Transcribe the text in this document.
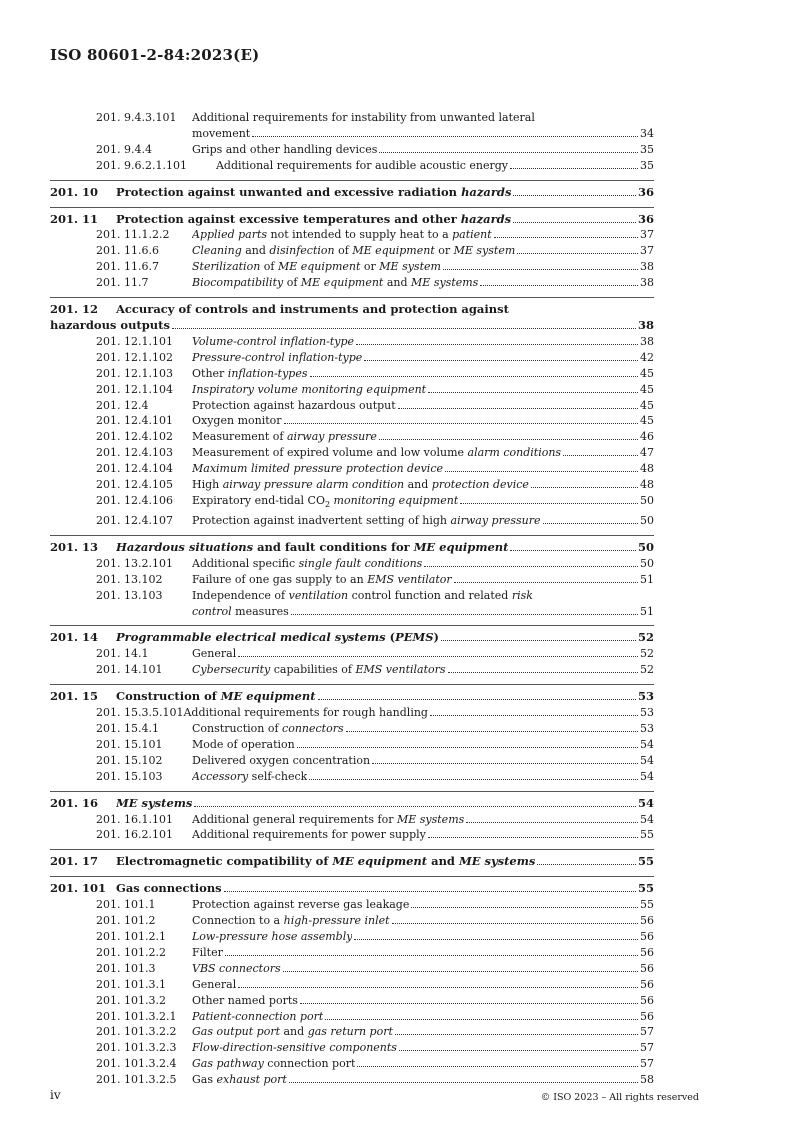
ISO 80601-2-84:2023(E)
201. 9.4.3.101	Additional requirements for instability from unwanted lateral
movement	34
201. 9.4.4	Grips and other handling devices	35
201. 9.6.2.1.101	Additional requirements for audible acoustic energy	35
201. 10	Protection against unwanted and excessive radiation hazards	36
201. 11	Protection against excessive temperatures and other hazards	36
201. 11.1.2.2	Applied parts not intended to supply heat to a patient	37
201. 11.6.6	Cleaning and disinfection of ME equipment or ME system	37
201. 11.6.7	Sterilization of ME equipment or ME system	38
201. 11.7	Biocompatibility of ME equipment and ME systems	38
201. 12	Accuracy of controls and instruments and protection against
hazardous outputs	38
201. 12.1.101	Volume-control inflation-type	38
201. 12.1.102	Pressure-control inflation-type	42
201. 12.1.103	Other inflation-types	45
201. 12.1.104	Inspiratory volume monitoring equipment	45
201. 12.4	Protection against hazardous output	45
201. 12.4.101	Oxygen monitor	45
201. 12.4.102	Measurement of airway pressure	46
201. 12.4.103	Measurement of expired volume and low volume alarm conditions	47
201. 12.4.104	Maximum limited pressure protection device	48
201. 12.4.105	High airway pressure alarm condition and protection device	48
201. 12.4.106	Expiratory end-tidal $CO_2$ monitoring equipment	50
201. 12.4.107	Protection against inadvertent setting of high airway pressure	50
201. 13	Hazardous situations and fault conditions for ME equipment	50
201. 13.2.101	Additional specific single fault conditions	50
201. 13.102	Failure of one gas supply to an EMS ventilator	51
201. 13.103	Independence of ventilation control function and related risk
control measures	51
201. 14	Programmable electrical medical systems (PEMS)	52
201. 14.1	General	52
201. 14.101	Cybersecurity capabilities of EMS ventilators	52
201. 15	Construction of ME equipment	53
201. 15.3.5.101 Additional requirements for rough handling	53
201. 15.4.1	Construction of connectors	53
201. 15.101	Mode of operation	54
201. 15.102	Delivered oxygen concentration	54
201. 15.103	Accessory self-check	54
201. 16	ME systems	54
201. 16.1.101	Additional general requirements for ME systems	54
201. 16.2.101	Additional requirements for power supply	55
201. 17	Electromagnetic compatibility of ME equipment and ME systems	55
201. 101 Gas connections	55
201. 101.1	Protection against reverse gas leakage	55
201. 101.2	Connection to a high-pressure inlet	56
201. 101.2.1	Low-pressure hose assembly	56
201. 101.2.2	Filter	56
201. 101.3	VBS connectors	56
201. 101.3.1	General	56
201. 101.3.2	Other named ports	56
201. 101.3.2.1	Patient-connection port	56
201. 101.3.2.2	Gas output port and gas return port	57
201. 101.3.2.3	Flow-direction-sensitive components	57
201. 101.3.2.4	Gas pathway connection port	57
201. 101.3.2.5	Gas exhaust port	58
iv	© ISO 2023 – All rights reserved
